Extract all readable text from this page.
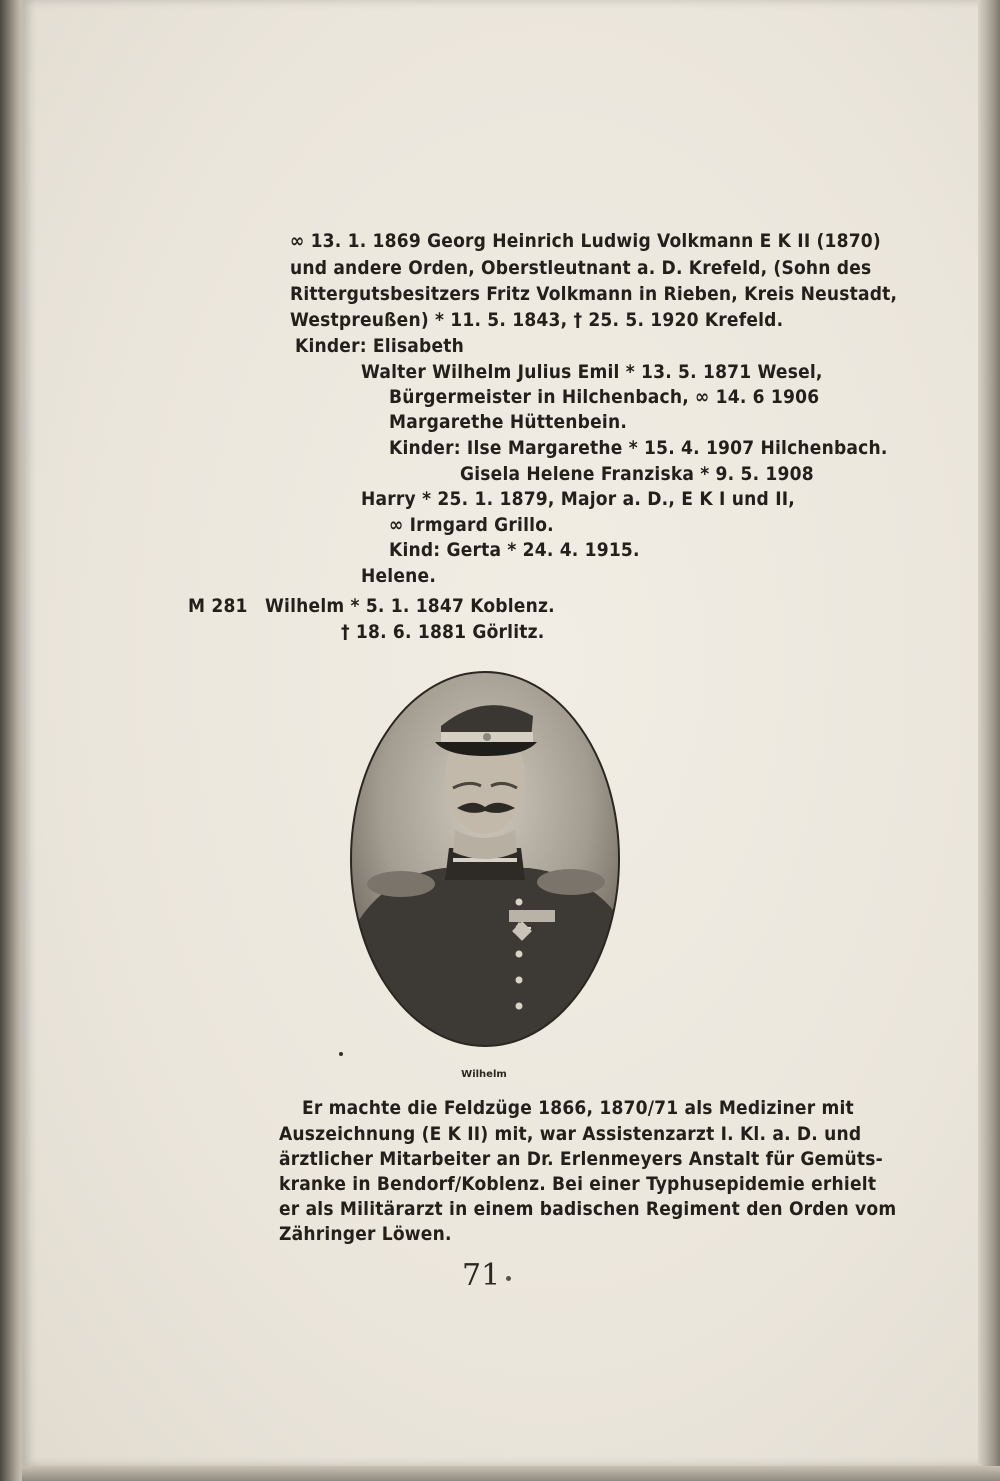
∞ 13. 1. 1869 Georg Heinrich Ludwig Volkmann E K II (1870)
und andere Orden, Oberstleutnant a. D. Krefeld, (Sohn des
Rittergutsbesitzers Fritz Volkmann in Rieben, Kreis Neustadt,
Westpreußen) * 11. 5. 1843, † 25. 5. 1920 Krefeld.
Kinder: Elisabeth
Walter Wilhelm Julius Emil * 13. 5. 1871 Wesel,
Bürgermeister in Hilchenbach, ∞ 14. 6 1906
Margarethe Hüttenbein.
Kinder: Ilse Margarethe * 15. 4. 1907 Hilchenbach.
Gisela Helene Franziska * 9. 5. 1908
Harry * 25. 1. 1879, Major a. D., E K I und II,
∞ Irmgard Grillo.
Kind: Gerta * 24. 4. 1915.
Helene.
M 281 Wilhelm * 5. 1. 1847 Koblenz.
† 18. 6. 1881 Görlitz.
Wilhelm
Er machte die Feldzüge 1866, 1870/71 als Mediziner mit
Auszeichnung (E K II) mit, war Assistenzarzt I. Kl. a. D. und
ärztlicher Mitarbeiter an Dr. Erlenmeyers Anstalt für Gemüts-
kranke in Bendorf/Koblenz. Bei einer Typhusepidemie erhielt
er als Militärarzt in einem badischen Regiment den Orden vom
Zähringer Löwen.
71
